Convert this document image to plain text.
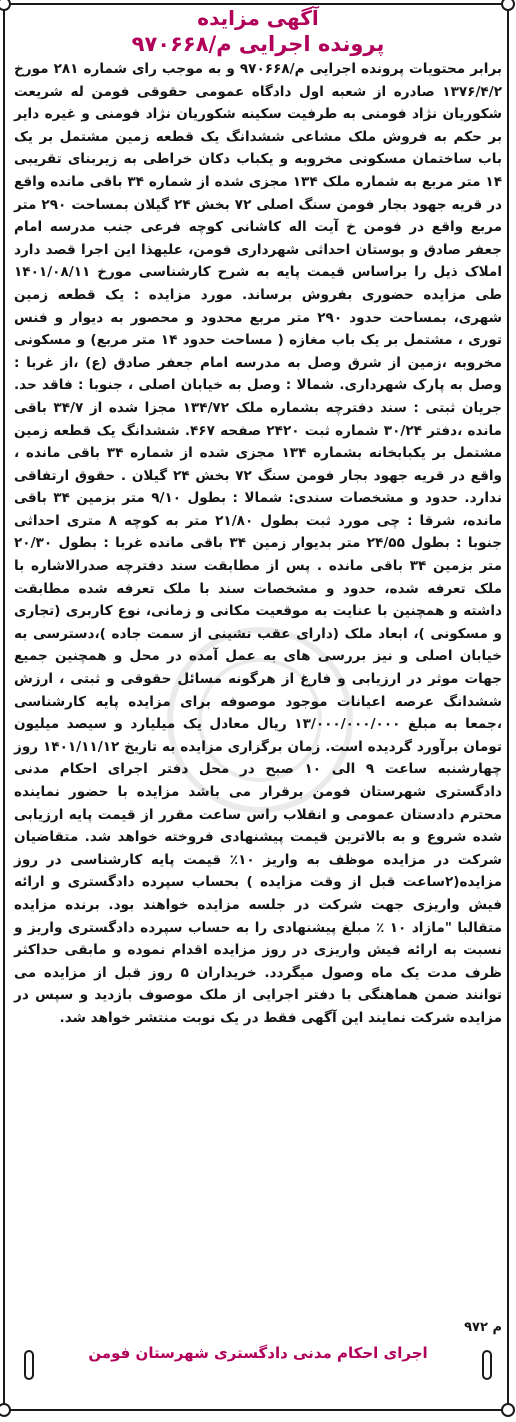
آگهی مزایده
پرونده اجرایی م/۹۷۰۶۶۸
برابر محتویات پرونده اجرایی م/۹۷۰۶۶۸ و به موجب رای شماره ۲۸۱ مورخ ۱۳۷۶/۴/۲ صادره از شعبه اول دادگاه عمومی حقوقی فومن له شریعت شکوریان نژاد فومنی به طرفیت سکینه شکوریان نژاد فومنی و غیره دایر بر حکم به فروش ملک مشاعی ششدانگ یک قطعه زمین مشتمل بر یک باب ساختمان مسکونی مخروبه و یکباب دکان خراطی به زیربنای تقریبی ۱۴ متر مربع به شماره ملک ۱۳۴ مجزی شده از شماره ۳۴ باقی مانده واقع در قریه جهود بجار فومن سنگ اصلی ۷۲ بخش ۲۴ گیلان بمساحت ۲۹۰ متر مربع واقع در فومن خ آیت اله کاشانی کوچه فرعی جنب مدرسه امام جعفر صادق و بوستان احداثی شهرداری فومن، علیهذا این اجرا قصد دارد املاک ذیل را براساس قیمت پایه به شرح کارشناسی مورخ ۱۴۰۱/۰۸/۱۱ طی مزایده حضوری بفروش برساند. مورد مزایده : یک قطعه زمین شهری، بمساحت حدود ۲۹۰ متر مربع محدود و محصور به دیوار و فنس توری ، مشتمل بر یک باب مغازه ( مساحت حدود ۱۴ متر مربع) و مسکونی مخروبه ،زمین از شرق وصل به مدرسه امام جعفر صادق (ع) ،از غربا : وصل به پارک شهرداری. شمالا : وصل به خیابان اصلی ، جنوبا : فاقد حد. جریان ثبتی : سند دفترچه بشماره ملک ۱۳۴/۷۲ مجزا شده از ۳۴/۷ باقی مانده ،دفتر ۳۰/۲۴ شماره ثبت ۲۴۲۰ صفحه ۴۶۷. ششدانگ یک قطعه زمین مشتمل بر یکبابخانه بشماره ۱۳۴ مجزی شده از شماره ۳۴ باقی مانده ، واقع در قریه جهود بجار فومن سنگ ۷۲ بخش ۲۴ گیلان . حقوق ارتفاقی ندارد. حدود و مشخصات سندی: شمالا : بطول ۹/۱۰ متر بزمین ۳۴ باقی مانده، شرقا : چی مورد ثبت بطول ۲۱/۸۰ متر به کوچه ۸ متری احداثی جنوبا : بطول ۲۴/۵۵ متر بدیوار زمین ۳۴ باقی مانده غربا : بطول ۲۰/۳۰ متر بزمین ۳۴ باقی مانده . پس از مطابقت سند دفترچه صدرالاشاره با ملک تعرفه شده، حدود و مشخصات سند با ملک تعرفه شده مطابقت داشته و همچنین با عنایت به موقعیت مکانی و زمانی، نوع کاربری (تجاری و مسکونی )، ابعاد ملک (دارای عقب نشینی از سمت جاده )،دسترسی به خیابان اصلی و نیز بررسی های به عمل آمده در محل و همچنین جمیع جهات موثر در ارزیابی و فارغ از هرگونه مسائل حقوقی و ثبتی ، ارزش ششدانگ عرصه اعیانات موجود موصوفه برای مزایده پایه کارشناسی ،جمعا به مبلغ ۱۳/۰۰۰/۰۰۰/۰۰۰ ریال معادل یک میلیارد و سیصد میلیون تومان برآورد گردیده است. زمان برگزاری مزایده به تاریخ ۱۴۰۱/۱۱/۱۲ روز چهارشنبه ساعت ۹ الی ۱۰ صبح در محل دفتر اجرای احکام مدنی دادگستری شهرستان فومن برقرار می باشد مزایده با حضور نماینده محترم دادستان عمومی و انقلاب راس ساعت مقرر از قیمت پایه ارزیابی شده شروع و به بالاترین قیمت پیشنهادی فروخته خواهد شد. متقاضیان شرکت در مزایده موظف به واریز ۱۰٪ قیمت پایه کارشناسی در روز مزایده(۲ساعت قبل از وقت مزایده ) بحساب سپرده دادگستری و ارائه فیش واریزی جهت شرکت در جلسه مزایده خواهند بود. برنده مزایده متقالبا "مازاد ۱۰ ٪ مبلغ پیشنهادی را به حساب سپرده دادگستری واریز و نسبت به ارائه فیش واریزی در روز مزایده اقدام نموده و مابقی حداکثر ظرف مدت یک ماه وصول میگردد. خریداران ۵ روز قبل از مزایده می توانند ضمن هماهنگی با دفتر اجرایی از ملک موصوف بازدید و سپس در مزایده شرکت نمایند این آگهی فقط در یک نوبت منتشر خواهد شد.
م ۹۷۲
اجرای احکام مدنی دادگستری شهرستان فومن
